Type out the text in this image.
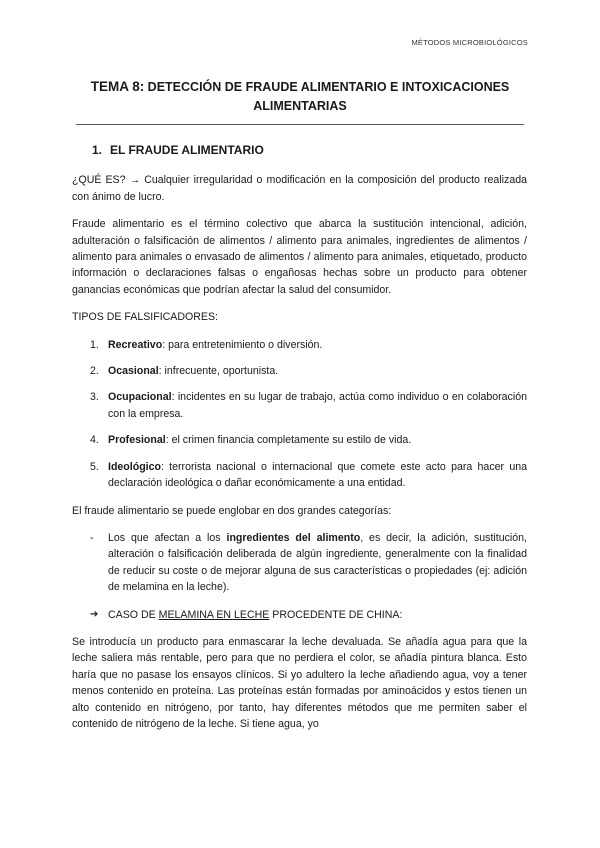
MÉTODOS MICROBIOLÓGICOS
TEMA 8: DETECCIÓN DE FRAUDE ALIMENTARIO E INTOXICACIONES
ALIMENTARIAS
1. EL FRAUDE ALIMENTARIO

¿QUÉ ES? → Cualquier irregularidad o modificación en la composición del producto realizada con ánimo de lucro.

Fraude alimentario es el término colectivo que abarca la sustitución intencional, adición, adulteración o falsificación de alimentos / alimento para animales, ingredientes de alimentos / alimento para animales o envasado de alimentos / alimento para animales, etiquetado, producto información o declaraciones falsas o engañosas hechas sobre un producto para obtener ganancias económicas que podrían afectar la salud del consumidor.

TIPOS DE FALSIFICADORES:

1. Recreativo: para entretenimiento o diversión.
2. Ocasional: infrecuente, oportunista.
3. Ocupacional: incidentes en su lugar de trabajo, actúa como individuo o en colaboración con la empresa.
4. Profesional: el crimen financia completamente su estilo de vida.
5. Ideológico: terrorista nacional o internacional que comete este acto para hacer una declaración ideológica o dañar económicamente a una entidad.

El fraude alimentario se puede englobar en dos grandes categorías:

- Los que afectan a los ingredientes del alimento, es decir, la adición, sustitución, alteración o falsificación deliberada de algún ingrediente, generalmente con la finalidad de reducir su coste o de mejorar alguna de sus características o propiedades (ej: adición de melamina en la leche).
➔ CASO DE MELAMINA EN LECHE PROCEDENTE DE CHINA:

Se introducía un producto para enmascarar la leche devaluada. Se añadía agua para que la leche saliera más rentable, pero para que no perdiera el color, se añadía pintura blanca. Esto haría que no pasase los ensayos clínicos. Si yo adultero la leche añadiendo agua, voy a tener menos contenido en proteína. Las proteínas están formadas por aminoácidos y estos tienen un alto contenido en nitrógeno, por tanto, hay diferentes métodos que me permiten saber el contenido de nitrógeno de la leche. Si tiene agua, yo
